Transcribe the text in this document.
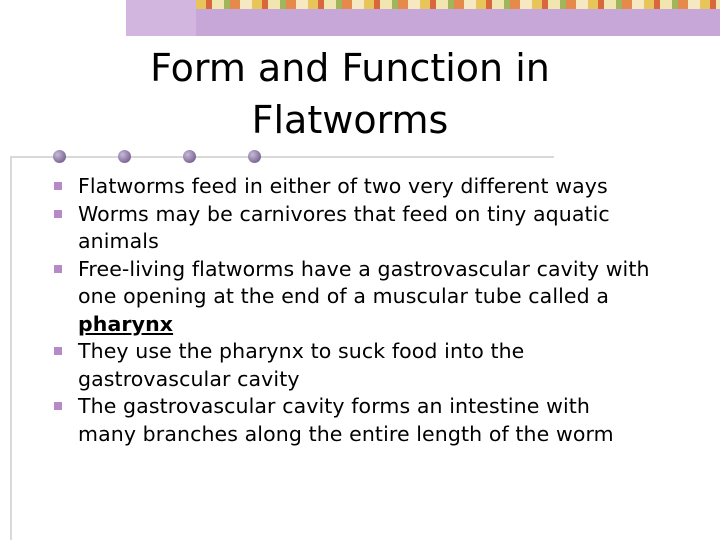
Form and Function in Flatworms
Flatworms feed in either of two very different ways
Worms may be carnivores that feed on tiny aquatic animals
Free-living flatworms have a gastrovascular cavity with one opening at the end of a muscular tube called a pharynx
They use the pharynx to suck food into the gastrovascular cavity
The gastrovascular cavity forms an intestine with many branches along the entire length of the worm
